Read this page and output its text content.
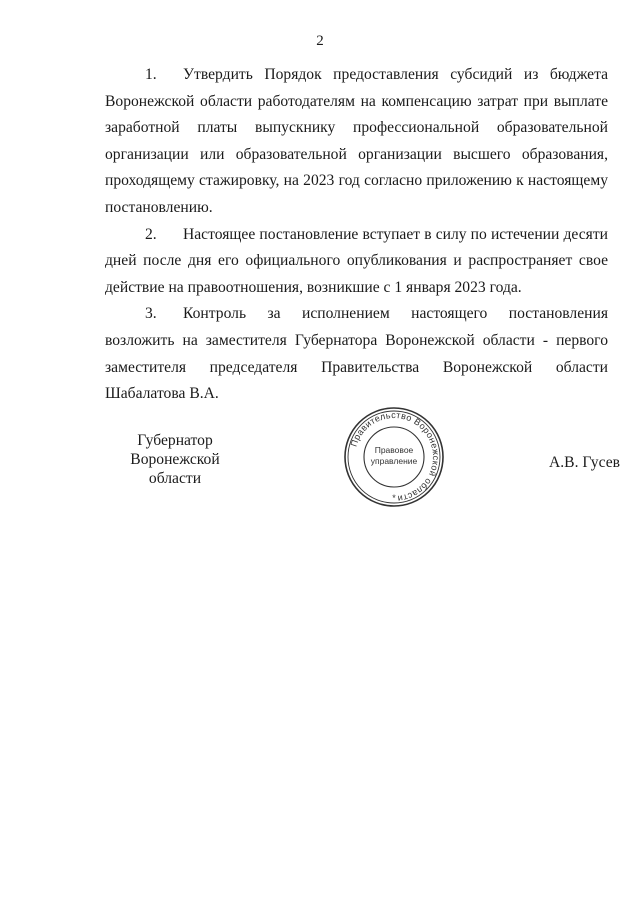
2

1. Утвердить Порядок предоставления субсидий из бюджета Воронежской области работодателям на компенсацию затрат при выплате заработной платы выпускнику профессиональной образовательной организации или образовательной организации высшего образования, проходящему стажировку, на 2023 год согласно приложению к настоящему постановлению.

2. Настоящее постановление вступает в силу по истечении десяти дней после дня его официального опубликования и распространяет свое действие на правоотношения, возникшие с 1 января 2023 года.

3. Контроль за исполнением настоящего постановления возложить на заместителя Губернатора Воронежской области - первого заместителя председателя Правительства Воронежской области Шабалатова В.А.

Губернатор
Воронежской области
Правительство Воронежской области
Правовое
управление
*
А.В. Гусев
